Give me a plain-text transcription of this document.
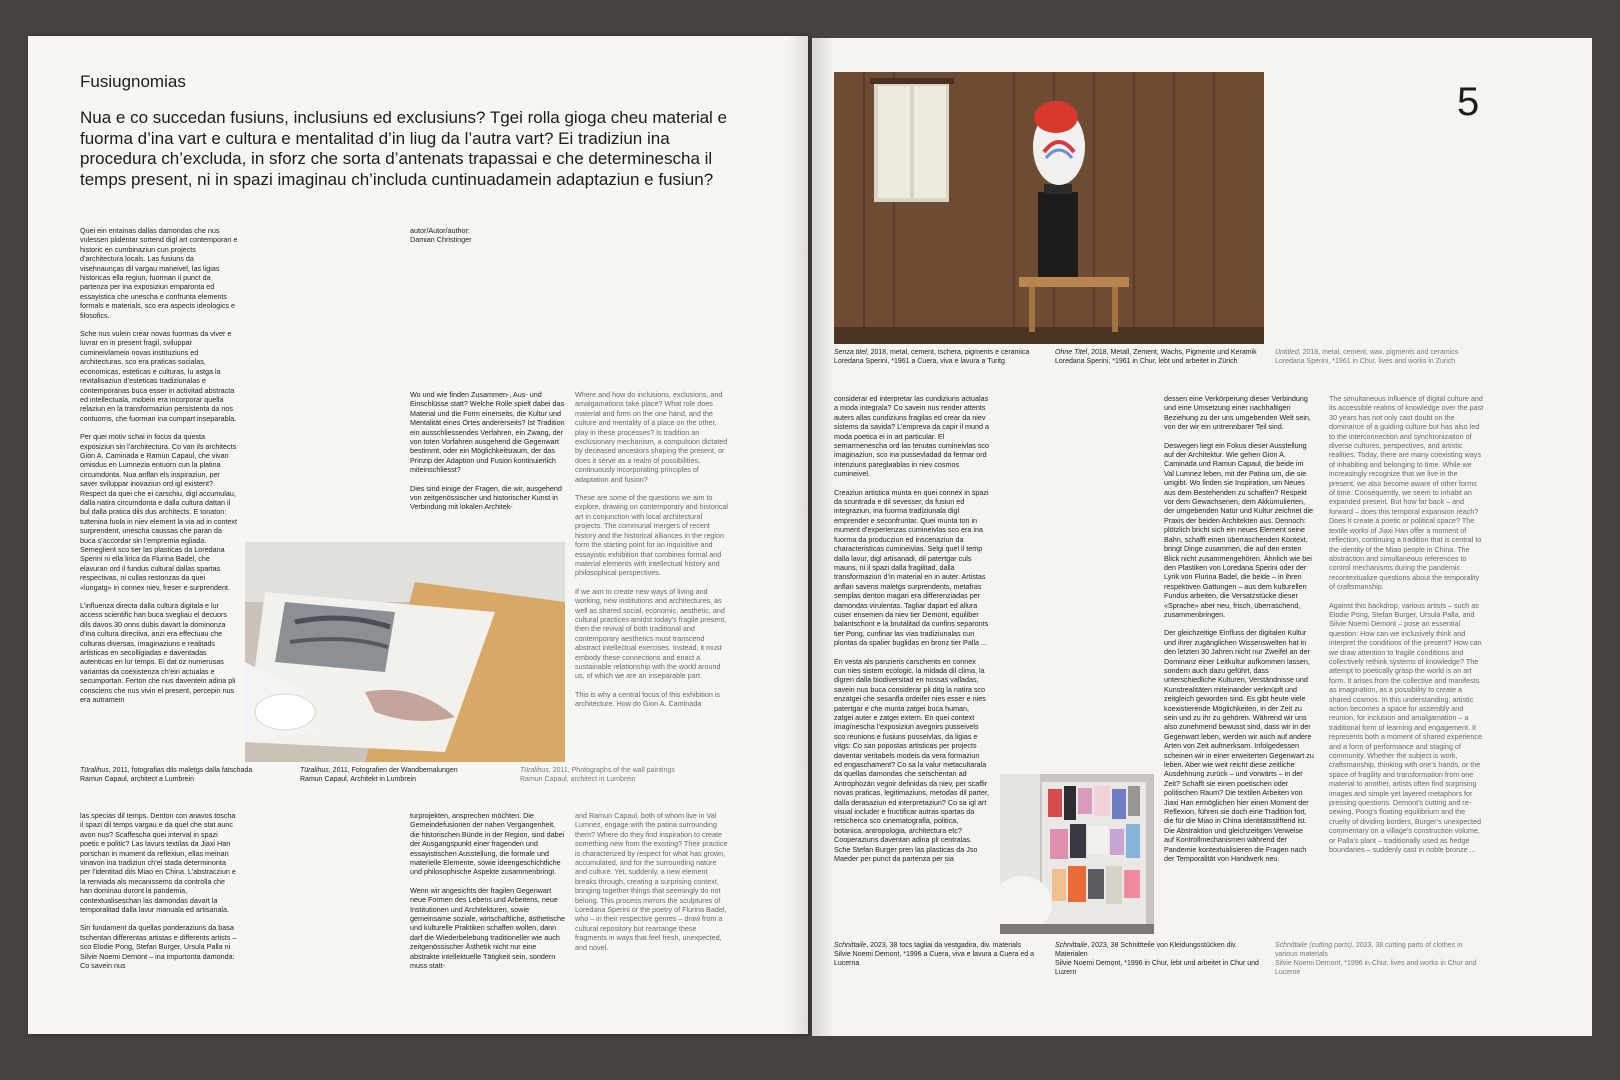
Fusiugnomias

Nua e co succedan fusiuns, inclusiuns ed exclusiuns? Tgei rolla gioga cheu material e fuorma d’ina vart e cultura e mentalitad d’in liug da l’autra vart? Ei tradiziun ina procedura ch’excluda, in sforz che sorta d’antenats trapassai e che determinescha il temps present, ni in spazi imaginau ch’includa cuntinuadamein adaptaziun e fusiun?

Quei ein entainas dallas damondas che nus vulessen plidentar sortend digl art contemporan e historic en cumbinaziun cun projects d’architectura locals. Las fusiuns da visehnaunças dil vargau maneivel, las ligias historicas ella regiun, fuorman il punct da partenza per ina exposiziun emparonta ed essayistica che unescha e confruntа elements formals e materials, sco era aspects ideologics e filosofics.

Sche nus vulein crear novas fuormas da viver e luvrar en in present fragil, sviluppar cumineivlamein novas instituziuns ed architecturas, sco era praticas socialas, economicas, esteticas e culturas, lu astga la revitalisaziun d’esteticas tradiziunalas e contemporanas buca esser in activitad abstracta ed intellectuala, mobein era incorporar quella relaziun en la transformaziun persistenta da nos contuorns, che fuorman ina cumpart inseparabla.

Per quei motiv schai in focus da questa exposiziun sin l’architectura. Co van ils architects Gion A. Caminada e Ramun Capaul, che vivan omisdus en Lumnezia entuorn cun la platina circumdonta. Nua anflan els inspiraziun, per saver sviluppar inovaziun ord igl existent? Respect da quei che ei carschiu, digl accumulau, dalla natira circumdonta e dalla cultura dattan il bul dalla pratica dils dus architects. E tonaton: tuttenina fuola in niev element la via ad in context surprendent, unescha caussas che paran da buca s’accordar sin l’empremia egliada. Semeglient sco tier las plasticas da Loredana Sperini ni ella lirica da Flurina Badel, che elavuran ord il fundus cultural dallas spartas respectivas, ni cullas restonzas da quei «lungatg» in connex niev, fresег e surprendent.

L’influenza directa dalla cultura digitala e lur access scientific han buca svegliau el decuors dils davos 30 onns dubis davart la dominonza d’ina cultura directiva, anzi era effectuau che culturas diversas, imaginaziuns e realitads artisticas en secolligiadas e daventadas autenticas en lur temps. Ei dat oz numerusas variantas da coexistenza ch’ein actualas e secumportan. Ferton che nus daventein adina pli consciens che nus vivin el present, percepin nus era autramein

autor/Autor/author:
Damian Christinger

Wo und wie finden Zusammen-, Aus- und Einschlüsse statt? Welche Rolle spielt dabei das Material und die Form einerseits, die Kultur und Mentalität eines Ortes andererseits? Ist Tradition ein ausschliessendes Verfahren, ein Zwang, der von toten Vorfahren ausgehend die Gegenwart bestimmt, oder ein Möglichkeitsraum, der das Prinzip der Adaption und Fusion kontinuierlich miteinschliesst?

Dies sind einige der Fragen, die wir, ausgehend von zeitgenössischer und historischer Kunst in Verbindung mit lokalen Architek-

Where and how do inclusions, exclusions, and amalgamations take place? What role does material and form on the one hand, and the culture and mentality of a place on the other, play in these processes? Is tradition an exclusionary mechanism, a compulsion dictated by deceased ancestors shaping the present, or does it serve as a realm of possibilities, continuously incorporating principles of adaptation and fusion?

These are some of the questions we aim to explore, drawing on contemporary and historical art in conjunction with local architectural projects. The communal mergers of recent history and the historical alliances in the region form the starting point for an inquisitive and essayistic exhibition that combines formal and material elements with intellectual history and philosophical perspectives.

If we aim to create new ways of living and working, new institutions and architectures, as well as shared social, economic, aesthetic, and cultural practices amidst today’s fragile present, then the revival of both traditional and contemporary aesthetics must transcend abstract intellectual exercises. Instead, it must embody these connections and enact a sustainable relationship with the world around us, of which we are an inseparable part.

This is why a central focus of this exhibition is architecture. How do Gion A. Caminada

Türalihus, 2011, fotografias dils maletgs dalla fatschada
Ramun Capaul, architect a Lumbrein
Türalihus, 2011, Fotografien der Wandbemalungen
Ramun Capaul, Architekt in Lumbrein
Türalihus, 2011, Photographs of the wall paintings
Ramun Capaul, architect in Lumbrein

las specias dil temps. Denton con anavos toscha il spazi dil temps vargau e da quel che stat aunc avon nus? Scaffescha quei interval in spazi poetic e politic? Las lavurs textilas da Jiaxi Han porschan in mument da reflexiun, ellas meinan vinavon ina tradiziun ch’ei stada determinonta per l’identitad dils Miao en China. L’abstracziun e la renviada als mecanissems da controlla che han dominau duront la pandemia, contextualiseschan las damondas davart la temporalitad dalla lavur manuala ed artisanala.

Sin fundament da quellas ponderaziuns da basa tschentan differentas artistas e differents artists – sco Elodie Pong, Stefan Burger, Ursula Palla ni Silvie Noemi Demont – ina impurtonta damonda: Co savein nus

turprojekten, ansprechen möchten. Die Gemeindefusionen der nahen Vergangenheit, die historischen Bünde in der Region, sind dabei der Ausgangspunkt einer fragenden und essayistischen Ausstellung, die formale und materielle Elemente, sowie ideengeschichtliche und philosophische Aspekte zusammenbringt.

Wenn wir angesichts der fragilen Gegenwart neue Formen des Lebens und Arbeitens, neue Institutionen und Architekturen, sowie gemeinsame soziale, wirtschaftliche, ästhetische und kulturelle Praktiken schaffen wollen, dann darf die Wiederbelebung traditioneller wie auch zeitgenössischer Ästhetik nicht nur eine abstrakte intellektuelle Tätigkeit sein, sondern muss statt-

and Ramun Capaul, both of whom live in Val Lumnez, engage with the patina surrounding them? Where do they find inspiration to create something new from the existing? Their practice is characterized by respect for what has grown, accumulated, and for the surrounding nature and culture. Yet, suddenly, a new element breaks through, creating a surprising context, bringing together things that seemingly do not belong. This process mirrors the sculptures of Loredana Sperini or the poetry of Flurina Badel, who – in their respective genres – draw from a cultural repository but rearrange these fragments in ways that feel fresh, unexpected, and novel.

5
Senza titel, 2018, metal, cement, tschera, pigments e ceramica
Loredana Sperini, *1961 a Cuera, viva e lavura a Turitg
Ohne Titel, 2018, Metall, Zement, Wachs, Pigmente und Keramik
Loredana Sperini, *1961 in Chur, lebt und arbeitet in Zürich
Untitled, 2018, metal, cement, wax, pigments and ceramics
Loredana Sperini, *1961 in Chur, lives and works in Zurich

considerar ed interpretar las cundiziuns actualas a moda integrala? Co savein nus render attents auters allas cundiziuns fragilas ed crear da niev sistems da savida? L’empreva da capir il mund a moda poetica ei in art particular. El semarmenescha ord las tenutas cumineivlas sco imaginaziun, sco ina pussevladad da fermar ord intenziuns pareglиablas in niev cosmos cumineivel.

Creaziun artistica munta en quei connex in spazi da scuntrada e dil sevesser, da fusiun ed integraziun, ina fuorma tradiziunala digl emprender e seconfruntar. Quei munta ton in mument d’experienzas cumineivlas sco era ina fuorma da producziun ed inscenaziun da characteristicas cumineivlas. Selgi quel il temp dalla lavur, digl artisanadi, dil patertgar culs mauns, ni il spazi dalla fragilitad, dalla transformaziun d’in material en in auter. Artistas anflan savens maletgs surprendents, metafras semplas denton magari era differenziadas per damondas virulentas. Tagliar dapart ed allura cuser ensemen da niev tier Demont, equiliber balantschont e la brutalitad da cunfins separonts tier Pong, cunfinar las vias tradiziunalas cun plontas da spalier buglidas en bronz tier Palla ...

En vesta als panzieris carschents en connex cun nies sistem ecologic, la midada dil clima, la digren dalla biodiversitad en nossas valladas, savein nus buca considerar pli ditg la natira sco enzatgei che sesanfla ordeifer nies esser e nies patertgar e che munta zatgei buca human, zatgei auter e zatgei extern. En quei context imagínescha l’exposiziun avegnirs pusseivels sco reunions e fusiuns pusseivlas, da ligias e vitgs: Co san popostas artisticas per projects daventar veritabels modeis da vera formaziun ed engaschament? Co sa la valur metacultarala da quellas damondas che setschentan ad Antrophozän vegnir definidas da niev, per scaffir novas praticas, legitimaziuns, metodas dil parter, dalla derasaziun ed interpretaziun? Co sa igl art visual includer e fructificar autras spartas da retscherca sco cinematografia, politica, botanica, antropologia, architectura etc? Cooperaziuns daventan adina pli centralas. Sche Stefan Burger pren las plasticas da Jso Maeder per punct da partenza per sia

dessen eine Verkörperung dieser Verbindung und eine Umsetzung einer nachhaltigen Beziehung zu der uns umgebenden Welt sein, von der wir ein untrennbarer Teil sind.

Deswegen liegt ein Fokus dieser Ausstellung auf der Architektur. Wie gehen Gion A. Caminada und Ramun Capaul, die beide im Val Lumnez leben, mit der Patina um, die sie umgibt. Wo finden sie Inspiration, um Neues aus dem Bestehenden zu schaffen? Respekt vor dem Gewachsenen, dem Akkumulierten, der umgebenden Natur und Kultur zeichnet die Praxis der beiden Architekten aus. Dennoch: plötzlich bricht sich ein neues Element seine Bahn, schafft einen überraschenden Kontext, bringt Dinge zusammen, die auf den ersten Blick nicht zusammengehören. Ähnlich wie bei den Plastiken von Loredana Sperini oder der Lyrik von Flurina Badel, die beide – in ihren respektiven Gattungen – aus dem kulturellen Fundus arbeiten, die Versatzstücke dieser «Sprache» aber neu, frisch, überraschend, zusammenbringen.

Der gleichzeitige Einfluss der digitalen Kultur und ihrer zugänglichen Wissenswelten hat in den letzten 30 Jahren nicht nur Zweifel an der Dominanz einer Leitkultur aufkommen lassen, sondern auch dazu geführt, dass unterschiedliche Kulturen, Verständnisse und Kunstrealitäten miteinander verknüpft und zeitgleich geworden sind. Es gibt heute viele koexistierende Möglichkeiten, in der Zeit zu sein und zu ihr zu gehören. Während wir uns also zunehmend bewusst sind, dass wir in der Gegenwart leben, werden wir auch auf andere Arten von Zeit aufmerksam. Infolgedessen scheinen wir in einer erweiterten Gegenwart zu leben. Aber wie weit reicht diese zeitliche Ausdehnung zurück – und vorwärts – in der Zeit? Schafft sie einen poetischen oder politischen Raum? Die textilen Arbeiten von Jiaxi Han ermöglichen hier einen Moment der Reflexion, führen sie doch eine Tradition fort, die für die Miao in China identitätsstiftend ist. Die Abstraktion und gleichzeitigen Verweise auf Kontrollmechanismen während der Pandemie kontextualisieren die Fragen nach der Temporalität von Handwerk neu.

The simultaneous influence of digital culture and its accessible realms of knowledge over the past 30 years has not only cast doubt on the dominance of a guiding culture but has also led to the interconnection and synchronization of diverse cultures, perspectives, and artistic realities. Today, there are many coexisting ways of inhabiting and belonging to time. While we increasingly recognize that we live in the present, we also become aware of other forms of time. Consequently, we seem to inhabit an expanded present. But how far back – and forward – does this temporal expansion reach? Does it create a poetic or political space? The textile works of Jiaxi Han offer a moment of reflection, continuing a tradition that is central to the identity of the Miao people in China. The abstraction and simultaneous references to control mechanisms during the pandemic recontextualize questions about the temporality of craftsmanship.

Against this backdrop, various artists – such as Elodie Pong, Stefan Burger, Ursula Palla, and Silvie Noemi Demont – pose an essential question: How can we inclusively think and interpret the conditions of the present? How can we draw attention to fragile conditions and collectively rethink systems of knowledge? The attempt to poetically grasp the world is an art form. It arises from the collective and manifests as imagination, as a possibility to create a shared cosmos. In this understanding, artistic action becomes a space for assembly and reunion, for inclusion and amalgamation – a traditional form of learning and engagement. It represents both a moment of shared experience and a form of performance and staging of community. Whether the subject is work, craftsmanship, thinking with one’s hands, or the space of fragility and transformation from one material to another, artists often find surprising images and simple yet layered metaphors for pressing questions. Demont’s cutting and re-sewing, Pong’s floating equilibrium and the cruelty of dividing borders, Burger’s unexpected commentary on a village’s construction volume, or Palla’s plant – traditionally used as hedge boundaries – suddenly cast in noble bronze ...

Schnittaile, 2023, 38 tocs tagliai da vestgadira, div. materials
Silvie Noemi Demont, *1996 a Cuera, viva e lavura a Cuera ed a Lucerna
Schnittaile, 2023, 38 Schnittteile von Kleidungsstücken div. Materialen
Silvie Noemi Demont, *1996 in Chur, lebt und arbeitet in Chur und Luzern
Schnittaile (cutting parts), 2023, 38 cutting parts of clothes in various materials
Silvie Noemi Demont, *1996 in Chur, lives and works in Chur and Lucerne
